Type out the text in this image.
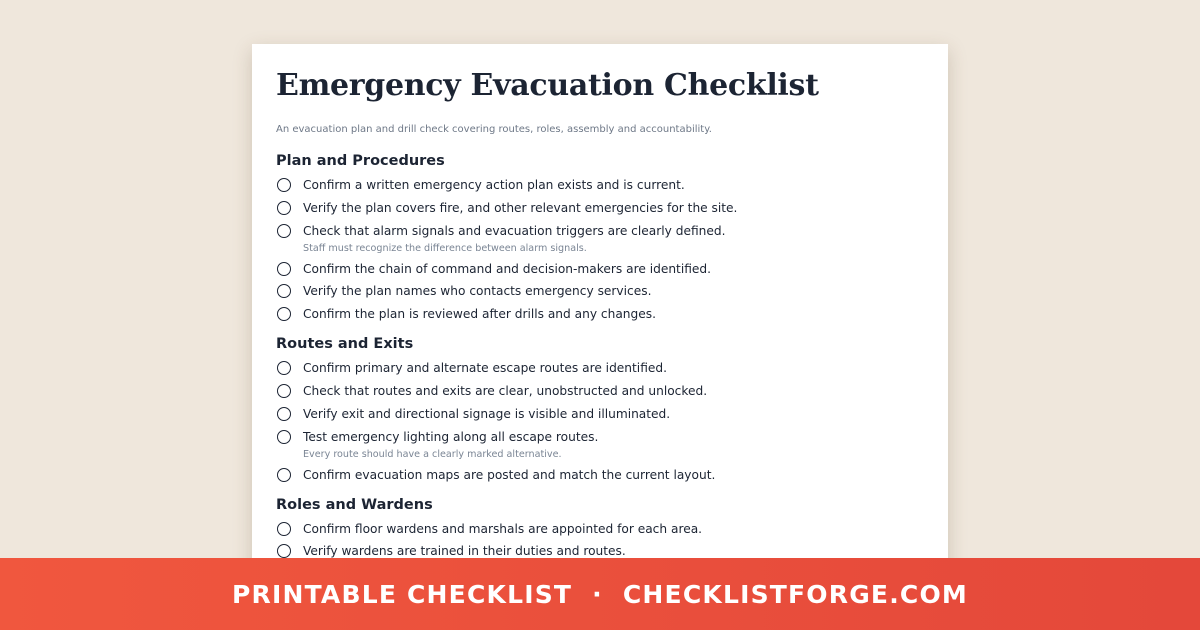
Emergency Evacuation Checklist

An evacuation plan and drill check covering routes, roles, assembly and accountability.

Plan and Procedures
Confirm a written emergency action plan exists and is current.
Verify the plan covers fire, and other relevant emergencies for the site.
Check that alarm signals and evacuation triggers are clearly defined.
Staff must recognize the difference between alarm signals.
Confirm the chain of command and decision-makers are identified.
Verify the plan names who contacts emergency services.
Confirm the plan is reviewed after drills and any changes.
Routes and Exits
Confirm primary and alternate escape routes are identified.
Check that routes and exits are clear, unobstructed and unlocked.
Verify exit and directional signage is visible and illuminated.
Test emergency lighting along all escape routes.
Every route should have a clearly marked alternative.
Confirm evacuation maps are posted and match the current layout.
Roles and Wardens
Confirm floor wardens and marshals are appointed for each area.
Verify wardens are trained in their duties and routes.
PRINTABLE CHECKLIST · CHECKLISTFORGE.COM
